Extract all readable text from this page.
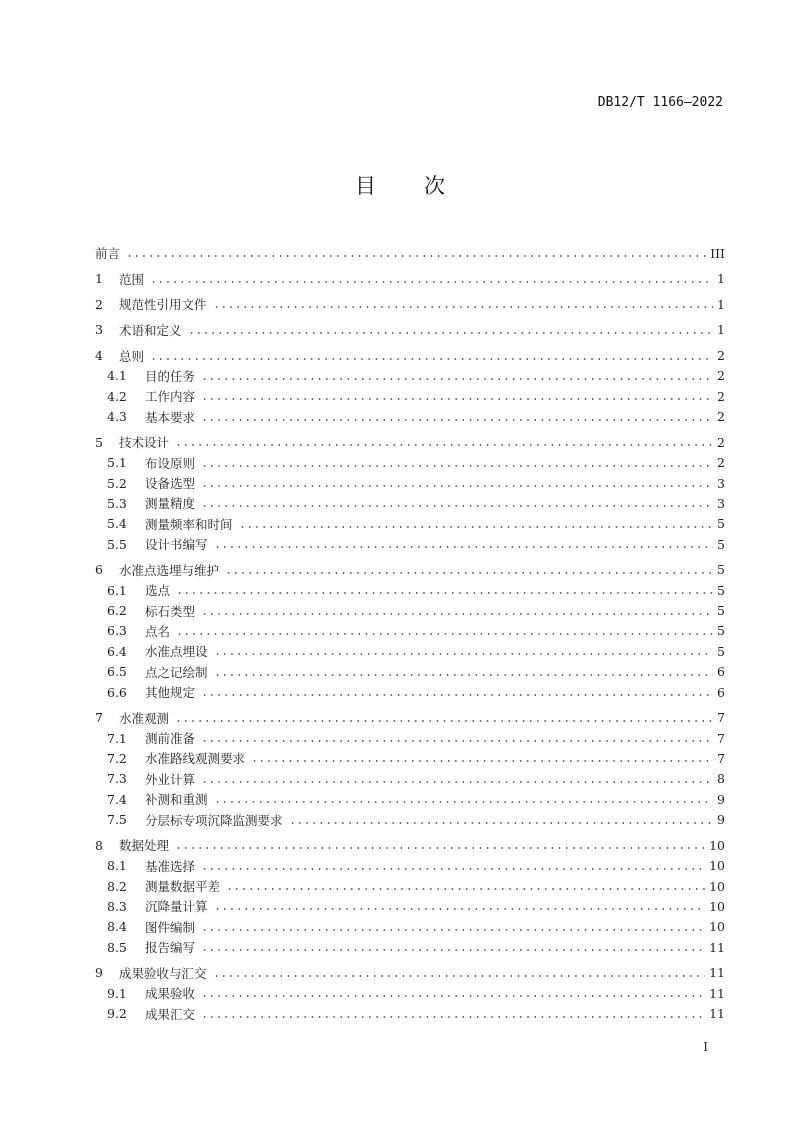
DB12/T 1166—2022
目 次
前言	III
1	范围	1
2	规范性引用文件	1
3	术语和定义	1
4	总则	2
4.1	目的任务	2
4.2	工作内容	2
4.3	基本要求	2
5	技术设计	2
5.1	布设原则	2
5.2	设备选型	3
5.3	测量精度	3
5.4	测量频率和时间	5
5.5	设计书编写	5
6	水准点选埋与维护	5
6.1	选点	5
6.2	标石类型	5
6.3	点名	5
6.4	水准点埋设	5
6.5	点之记绘制	6
6.6	其他规定	6
7	水准观测	7
7.1	测前准备	7
7.2	水准路线观测要求	7
7.3	外业计算	8
7.4	补测和重测	9
7.5	分层标专项沉降监测要求	9
8	数据处理	10
8.1	基准选择	10
8.2	测量数据平差	10
8.3	沉降量计算	10
8.4	图件编制	10
8.5	报告编写	11
9	成果验收与汇交	11
9.1	成果验收	11
9.2	成果汇交	11
I
